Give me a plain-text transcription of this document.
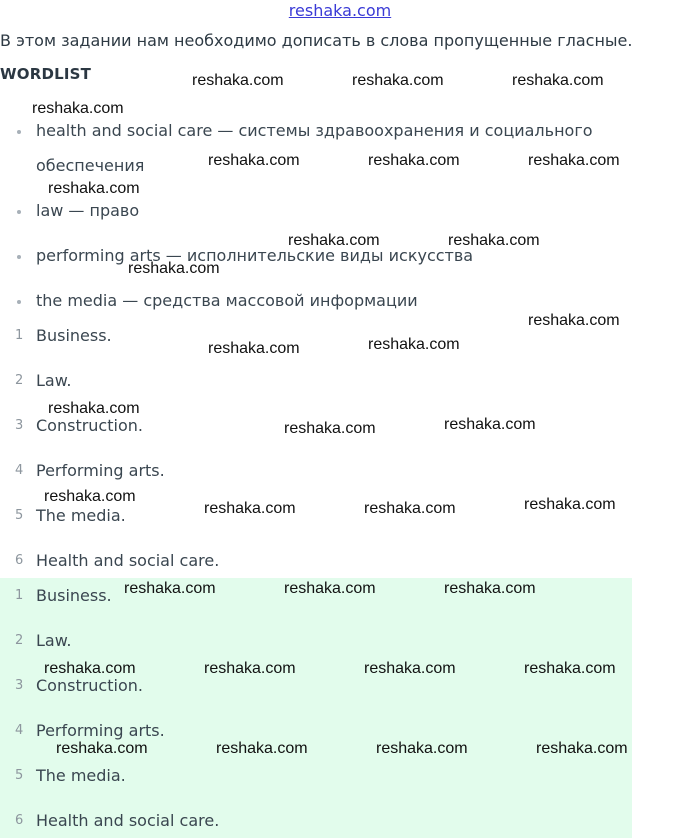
reshaka.com
В этом задании нам необходимо дописать в слова пропущенные гласные.
WORDLIST
health and social care — системы здравоохранения и социального
обеспечения
law — право
performing arts — исполнительские виды искусства
the media — средства массовой информации
1 Business.
2 Law.
3 Construction.
4 Performing arts.
5 The media.
6 Health and social care.
1 Business.
2 Law.
3 Construction.
4 Performing arts.
5 The media.
6 Health and social care.
reshaka.com	reshaka.com	reshaka.com
reshaka.com
reshaka.com	reshaka.com	reshaka.com
reshaka.com
reshaka.com	reshaka.com
reshaka.com
reshaka.com
reshaka.com	reshaka.com
reshaka.com
reshaka.com	reshaka.com
reshaka.com
reshaka.com	reshaka.com	reshaka.com
reshaka.com	reshaka.com	reshaka.com
reshaka.com	reshaka.com	reshaka.com	reshaka.com
reshaka.com	reshaka.com	reshaka.com	reshaka.com
